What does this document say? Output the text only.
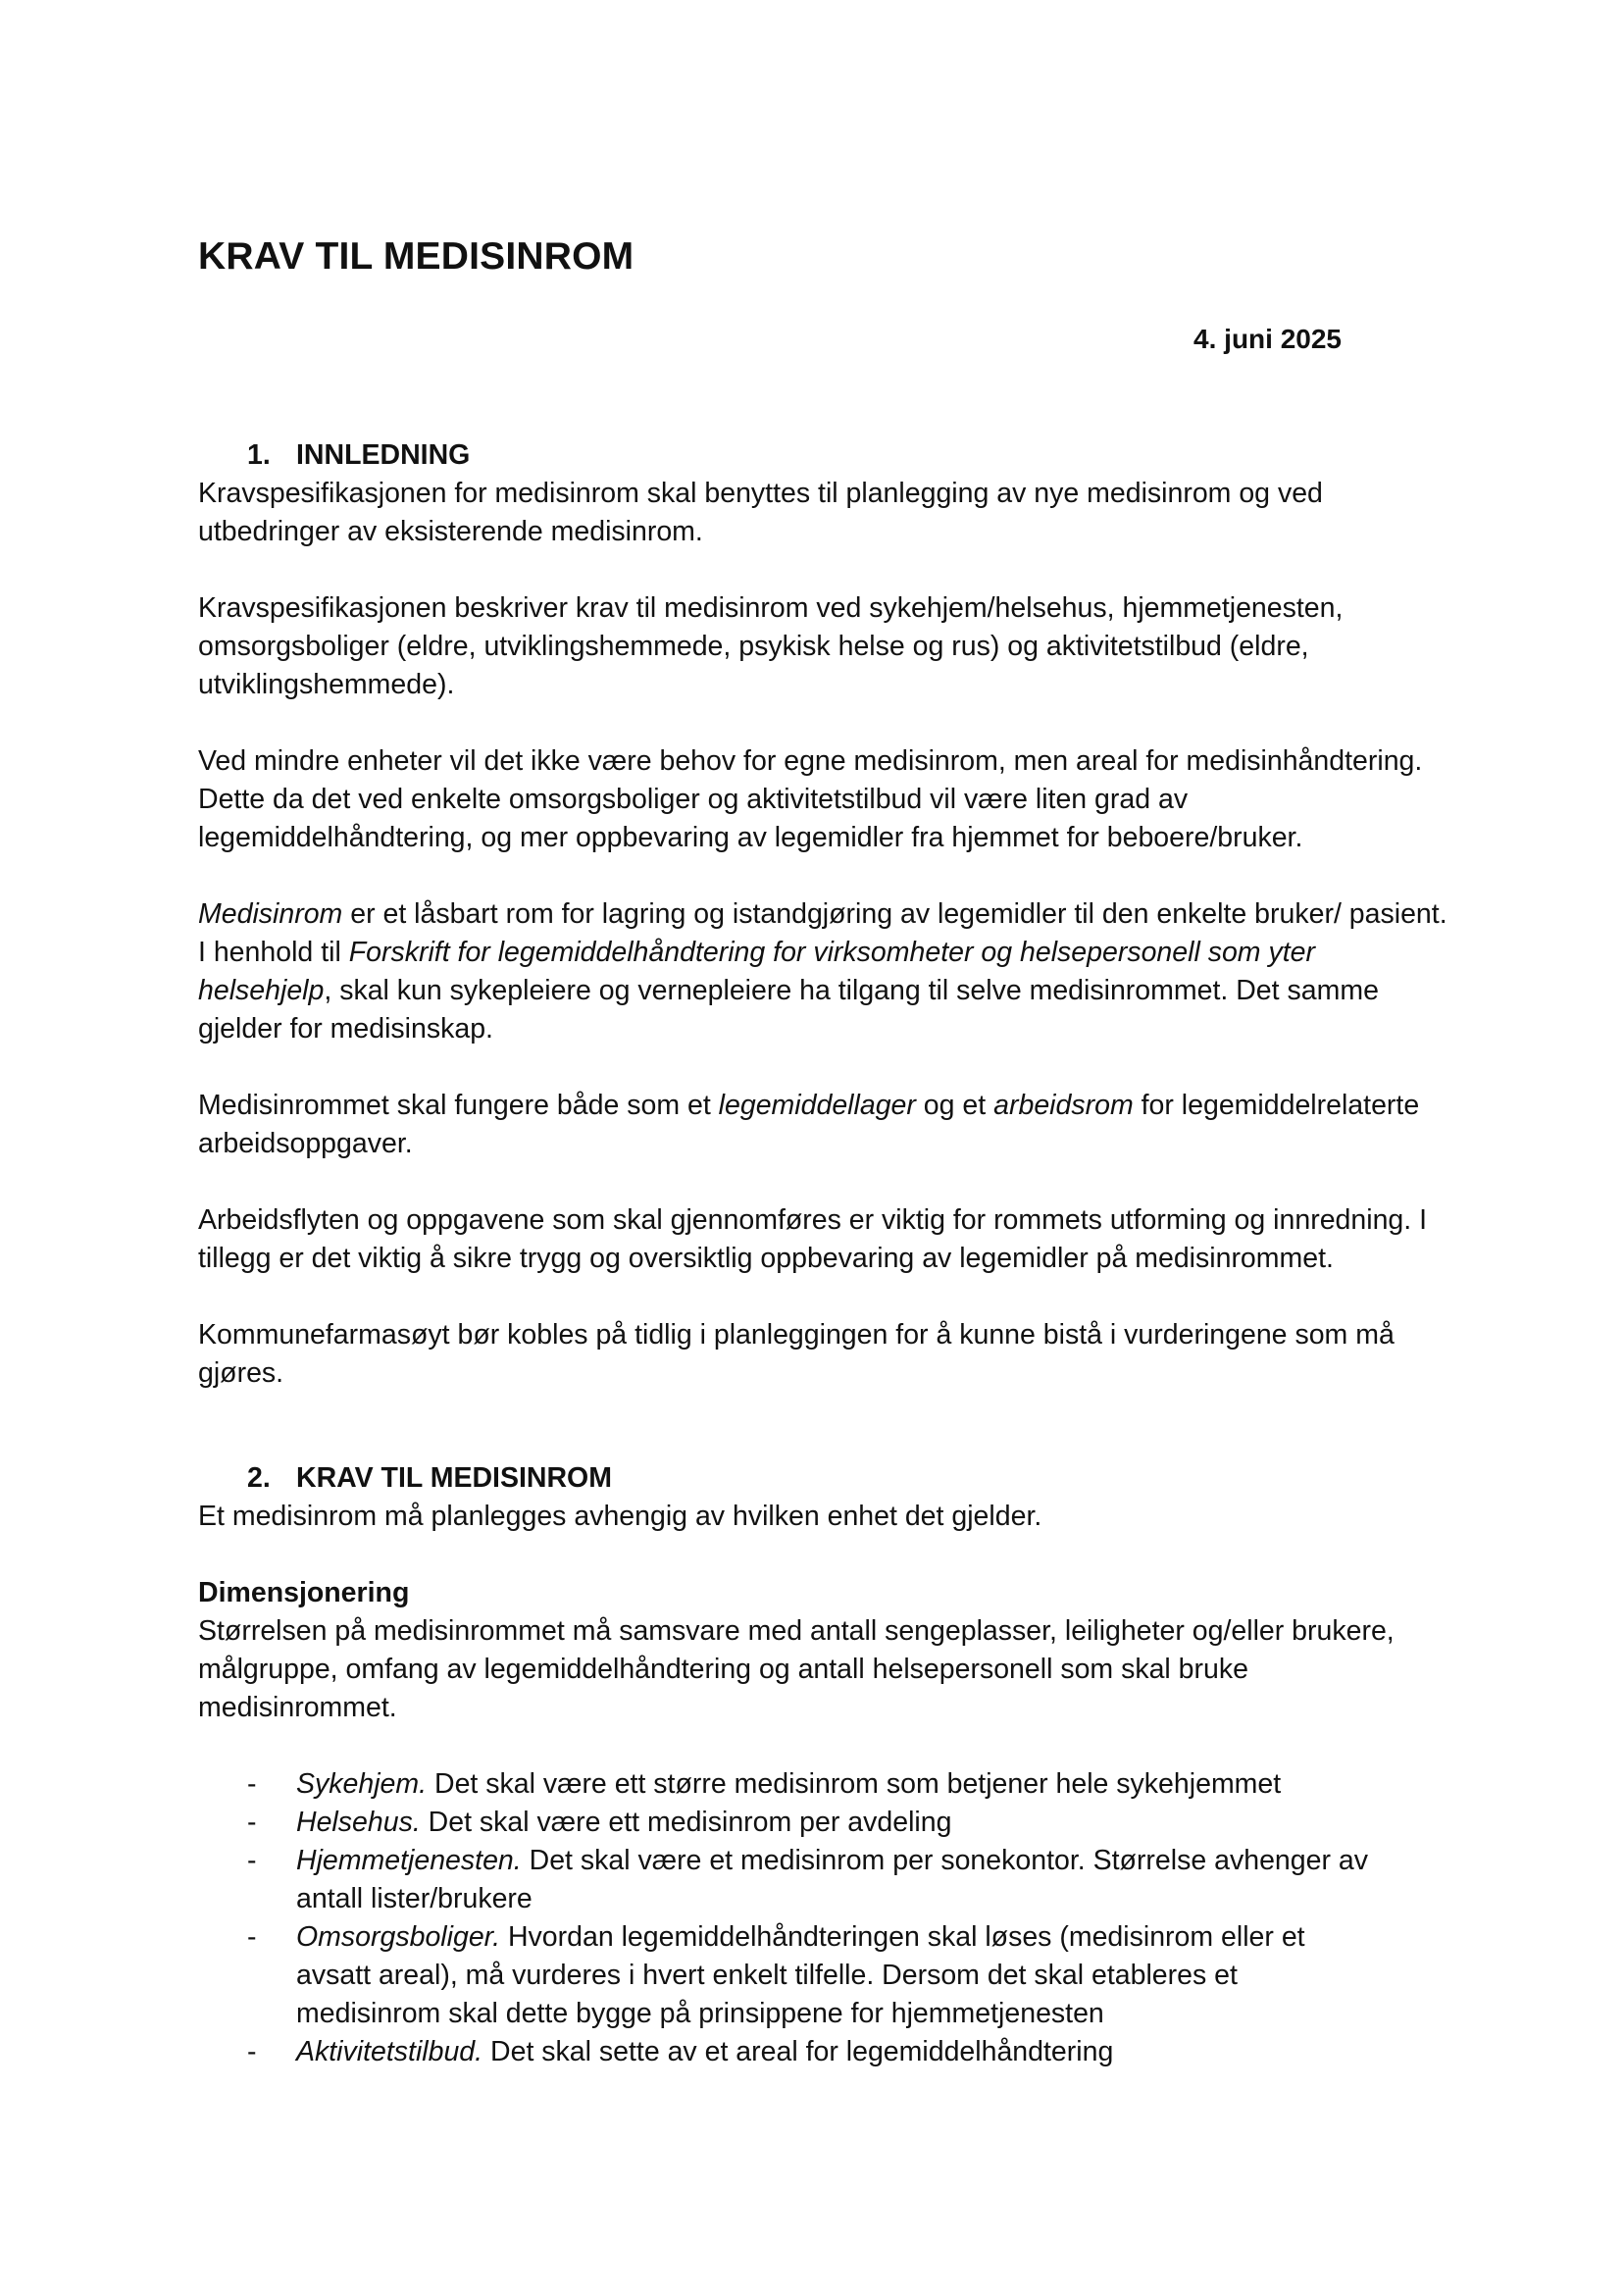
KRAV TIL MEDISINROM

4. juni 2025

1. INNLEDNING

Kravspesifikasjonen for medisinrom skal benyttes til planlegging av nye medisinrom og ved utbedringer av eksisterende medisinrom.

Kravspesifikasjonen beskriver krav til medisinrom ved sykehjem/helsehus, hjemmetjenesten, omsorgsboliger (eldre, utviklingshemmede, psykisk helse og rus) og aktivitetstilbud (eldre, utviklingshemmede).

Ved mindre enheter vil det ikke være behov for egne medisinrom, men areal for medisinhåndtering. Dette da det ved enkelte omsorgsboliger og aktivitetstilbud vil være liten grad av legemiddelhåndtering, og mer oppbevaring av legemidler fra hjemmet for beboere/bruker.

Medisinrom er et låsbart rom for lagring og istandgjøring av legemidler til den enkelte bruker/ pasient. I henhold til Forskrift for legemiddelhåndtering for virksomheter og helsepersonell som yter helsehjelp, skal kun sykepleiere og vernepleiere ha tilgang til selve medisinrommet. Det samme gjelder for medisinskap.

Medisinrommet skal fungere både som et legemiddellager og et arbeidsrom for legemiddelrelaterte arbeidsoppgaver.

Arbeidsflyten og oppgavene som skal gjennomføres er viktig for rommets utforming og innredning. I tillegg er det viktig å sikre trygg og oversiktlig oppbevaring av legemidler på medisinrommet.

Kommunefarmasøyt bør kobles på tidlig i planleggingen for å kunne bistå i vurderingene som må gjøres.

2. KRAV TIL MEDISINROM

Et medisinrom må planlegges avhengig av hvilken enhet det gjelder.

Dimensjonering

Størrelsen på medisinrommet må samsvare med antall sengeplasser, leiligheter og/eller brukere, målgruppe, omfang av legemiddelhåndtering og antall helsepersonell som skal bruke medisinrommet.

- Sykehjem. Det skal være ett større medisinrom som betjener hele sykehjemmet
- Helsehus. Det skal være ett medisinrom per avdeling
- Hjemmetjenesten. Det skal være et medisinrom per sonekontor. Størrelse avhenger av antall lister/brukere
- Omsorgsboliger. Hvordan legemiddelhåndteringen skal løses (medisinrom eller et avsatt areal), må vurderes i hvert enkelt tilfelle. Dersom det skal etableres et medisinrom skal dette bygge på prinsippene for hjemmetjenesten
- Aktivitetstilbud. Det skal sette av et areal for legemiddelhåndtering
